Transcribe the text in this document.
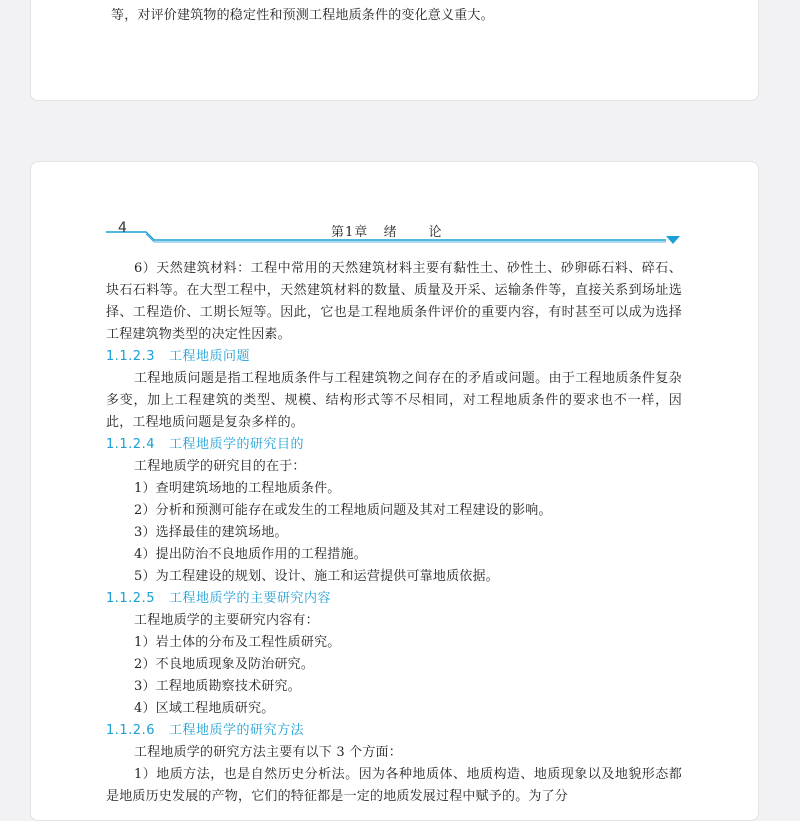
等，对评价建筑物的稳定性和预测工程地质条件的变化意义重大。
4	第1章   绪      论
6）天然建筑材料：工程中常用的天然建筑材料主要有黏性土、砂性土、砂卵砾石料、碎石、块石石料等。在大型工程中，天然建筑材料的数量、质量及开采、运输条件等，直接关系到场址选择、工程造价、工期长短等。因此，它也是工程地质条件评价的重要内容，有时甚至可以成为选择工程建筑物类型的决定性因素。
1.1.2.3 工程地质问题
工程地质问题是指工程地质条件与工程建筑物之间存在的矛盾或问题。由于工程地质条件复杂多变，加上工程建筑的类型、规模、结构形式等不尽相同，对工程地质条件的要求也不一样，因此，工程地质问题是复杂多样的。
1.1.2.4 工程地质学的研究目的
工程地质学的研究目的在于：
1）查明建筑场地的工程地质条件。
2）分析和预测可能存在或发生的工程地质问题及其对工程建设的影响。
3）选择最佳的建筑场地。
4）提出防治不良地质作用的工程措施。
5）为工程建设的规划、设计、施工和运营提供可靠地质依据。
1.1.2.5 工程地质学的主要研究内容
工程地质学的主要研究内容有：
1）岩土体的分布及工程性质研究。
2）不良地质现象及防治研究。
3）工程地质勘察技术研究。
4）区域工程地质研究。
1.1.2.6 工程地质学的研究方法
工程地质学的研究方法主要有以下 3 个方面：
1）地质方法，也是自然历史分析法。因为各种地质体、地质构造、地质现象以及地貌形态都是地质历史发展的产物，它们的特征都是一定的地质发展过程中赋予的。为了分
